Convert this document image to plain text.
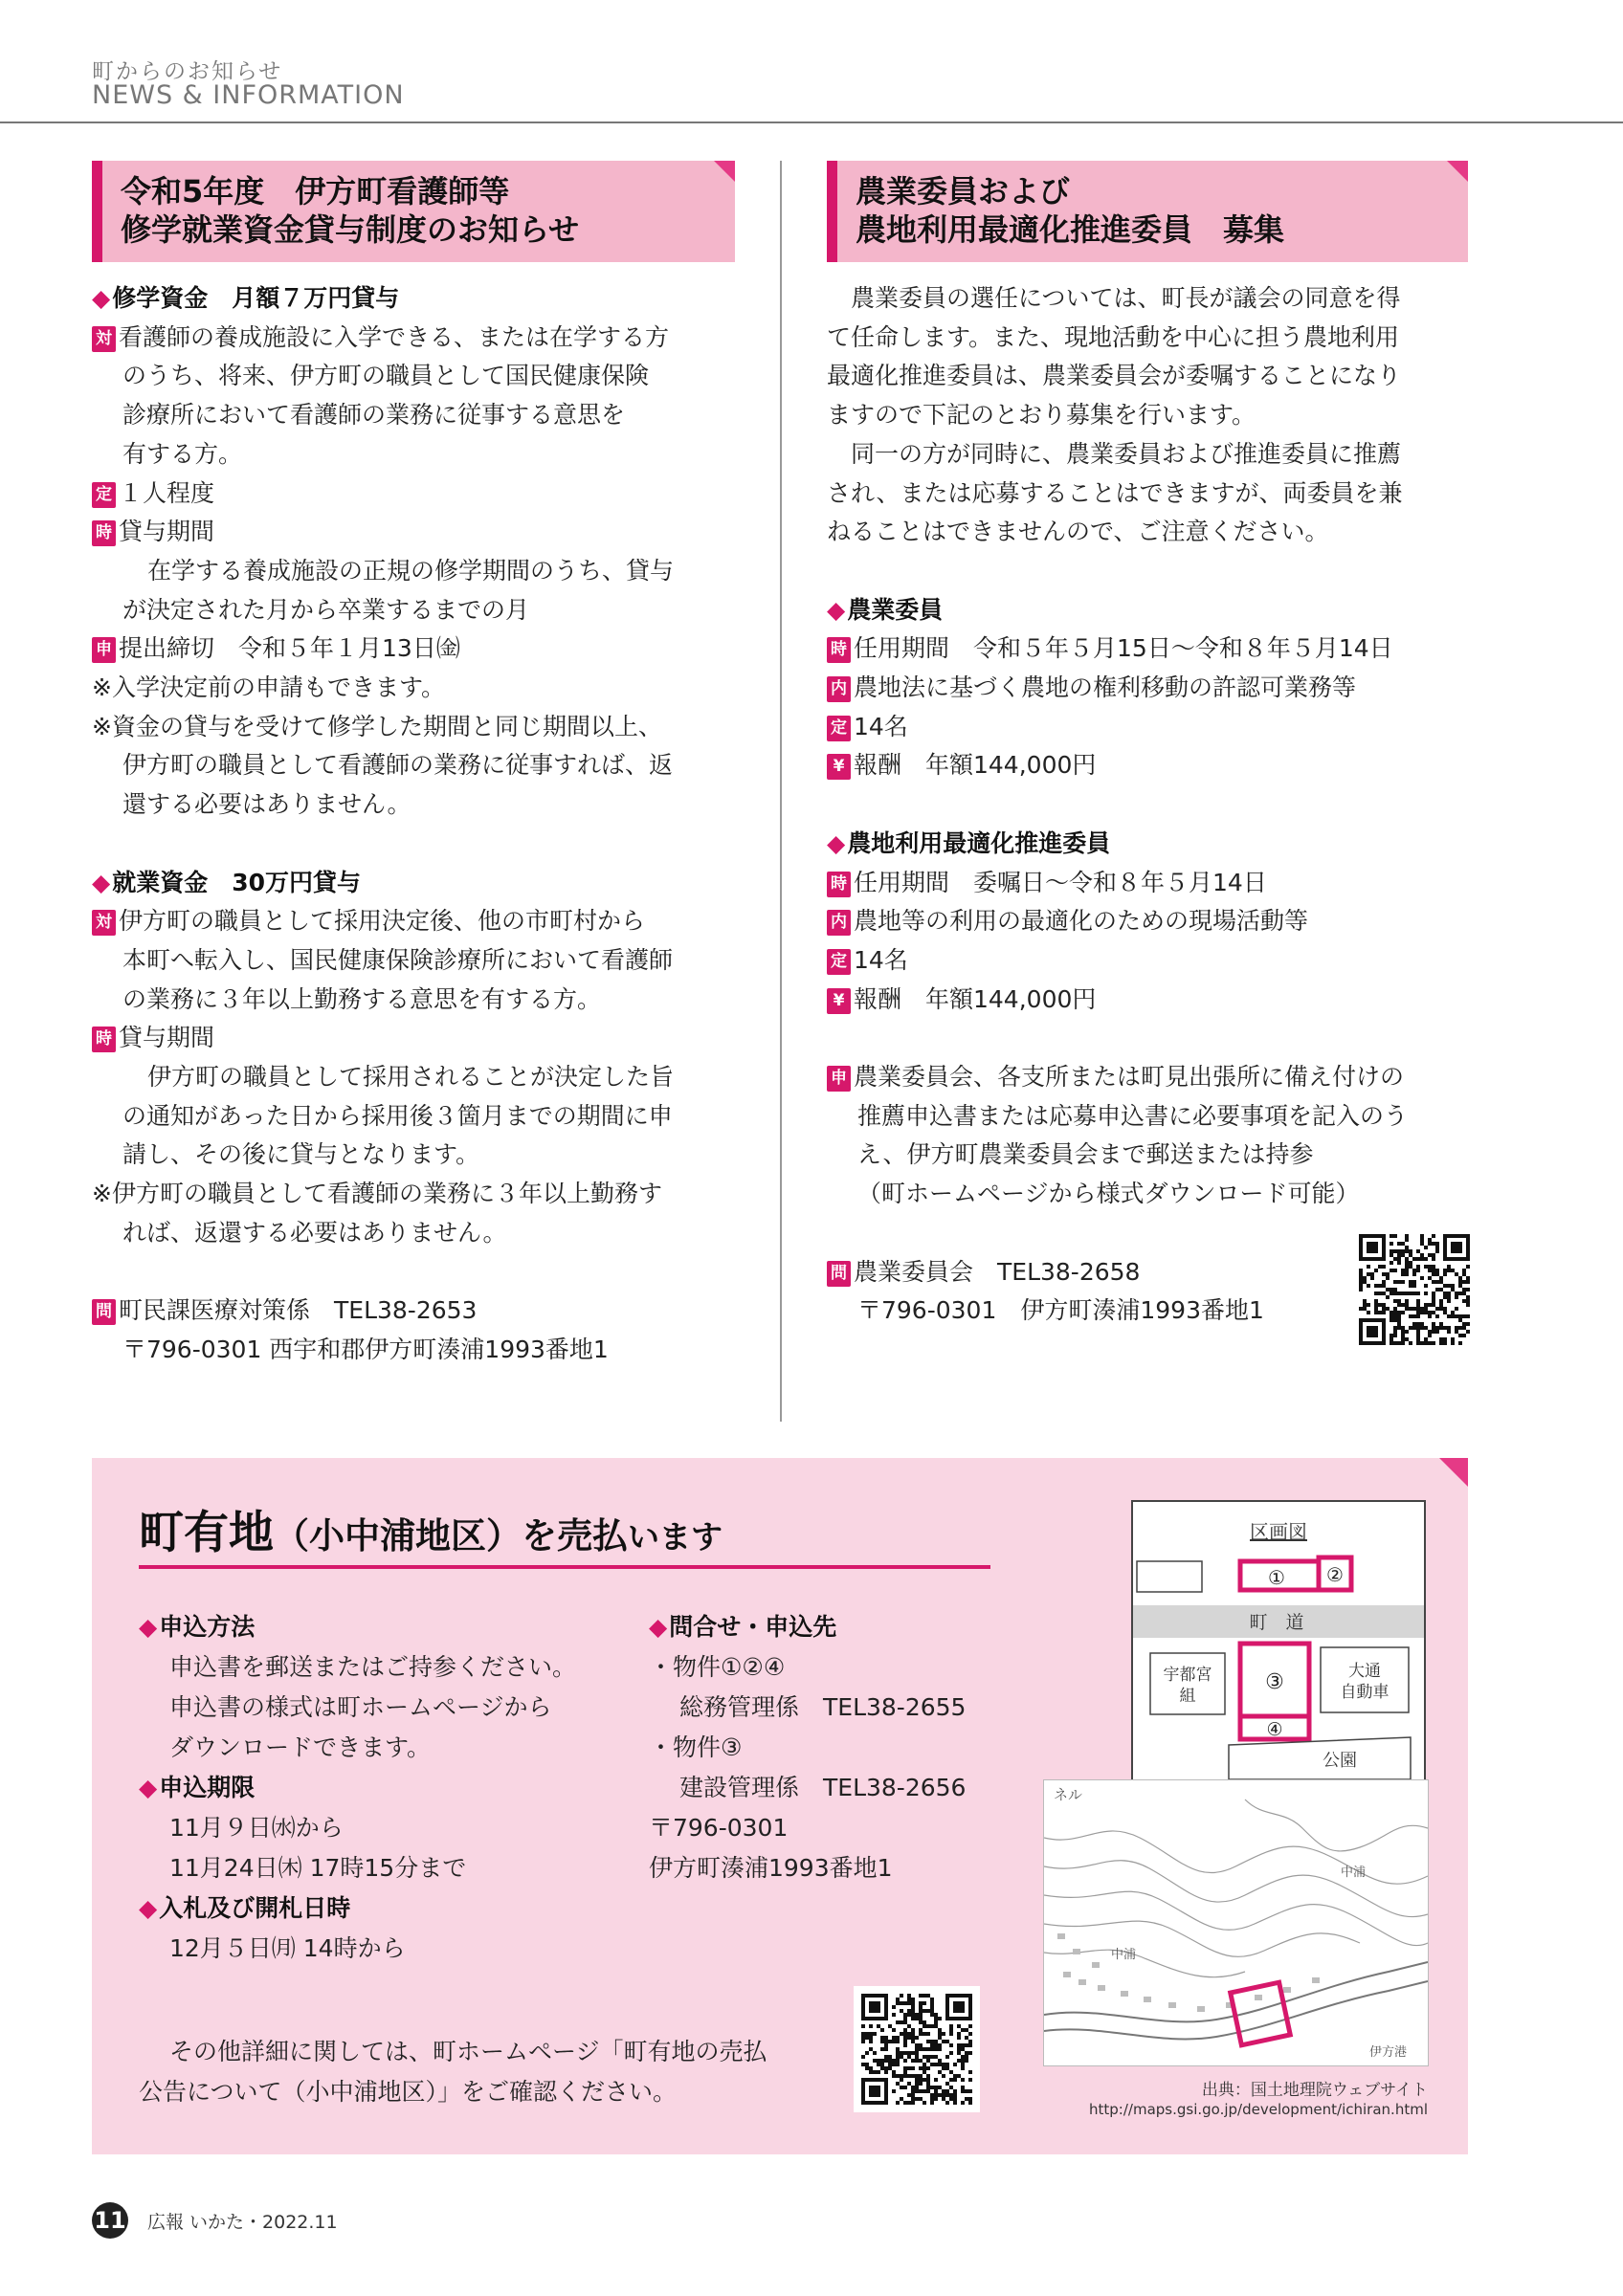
町からのお知らせ
NEWS & INFORMATION
令和5年度　伊方町看護師等
修学就業資金貸与制度のお知らせ

◆修学資金　月額７万円貸与

対 看護師の養成施設に入学できる、または在学する方

のうち、将来、伊方町の職員として国民健康保険

診療所において看護師の業務に従事する意思を

有する方。

定 １人程度

時 貸与期間

在学する養成施設の正規の修学期間のうち、貸与

が決定された月から卒業するまでの月

申 提出締切　令和５年１月13日㈮

※入学決定前の申請もできます。

※資金の貸与を受けて修学した期間と同じ期間以上、

伊方町の職員として看護師の業務に従事すれば、返

還する必要はありません。

◆就業資金　30万円貸与

対 伊方町の職員として採用決定後、他の市町村から

本町へ転入し、国民健康保険診療所において看護師

の業務に３年以上勤務する意思を有する方。

時 貸与期間

伊方町の職員として採用されることが決定した旨

の通知があった日から採用後３箇月までの期間に申

請し、その後に貸与となります。

※伊方町の職員として看護師の業務に３年以上勤務す

れば、返還する必要はありません。

問 町民課医療対策係　TEL38-2653

〒796-0301 西宇和郡伊方町湊浦1993番地1

農業委員および
農地利用最適化推進委員　募集

農業委員の選任については、町長が議会の同意を得

て任命します。また、現地活動を中心に担う農地利用

最適化推進委員は、農業委員会が委嘱することになり

ますので下記のとおり募集を行います。

同一の方が同時に、農業委員および推進委員に推薦

され、または応募することはできますが、両委員を兼

ねることはできませんので、ご注意ください。

◆農業委員

時 任用期間　令和５年５月15日〜令和８年５月14日

内 農地法に基づく農地の権利移動の許認可業務等

定 14名

¥ 報酬　年額144,000円

◆農地利用最適化推進委員

時 任用期間　委嘱日〜令和８年５月14日

内 農地等の利用の最適化のための現場活動等

定 14名

¥ 報酬　年額144,000円

申 農業委員会、各支所または町見出張所に備え付けの

推薦申込書または応募申込書に必要事項を記入のう

え、伊方町農業委員会まで郵送または持参

（町ホームページから様式ダウンロード可能）

問 農業委員会　TEL38-2658

〒796-0301　伊方町湊浦1993番地1

町有地（小中浦地区）を売払います

◆申込方法

申込書を郵送またはご持参ください。

申込書の様式は町ホームページから

ダウンロードできます。

◆申込期限

11月９日㈬から

11月24日㈭ 17時15分まで

◆入札及び開札日時

12月５日㈪ 14時から

◆問合せ・申込先

・物件①②④

総務管理係　TEL38-2655

・物件③

建設管理係　TEL38-2656

〒796-0301

伊方町湊浦1993番地1

その他詳細に関しては、町ホームページ「町有地の売払

公告について（小中浦地区）」をご確認ください。

区画図
① ②
町　道
宇都宮
組
③	大通
自動車
④
公園
ネル
中浦
中浦
伊方港
出典：国土地理院ウェブサイト
http://maps.gsi.go.jp/development/ichiran.html
11 広報 いかた・2022.11
